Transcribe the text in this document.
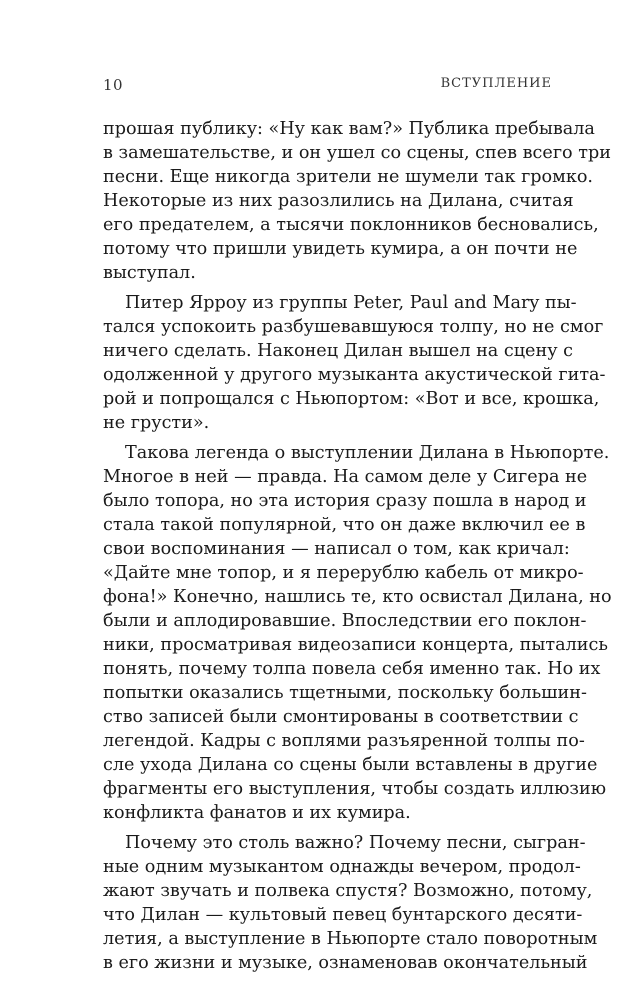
10	ВСТУПЛЕНИЕ
прошая публику: «Ну как вам?» Публика пребывала
в замешательстве, и он ушел со сцены, спев всего три
песни. Еще никогда зрители не шумели так громко.
Некоторые из них разозлились на Дилана, считая
его предателем, а тысячи поклонников бесновались,
потому что пришли увидеть кумира, а он почти не
выступал.
Питер Ярроу из группы Peter, Paul and Mary пы-
тался успокоить разбушевавшуюся толпу, но не смог
ничего сделать. Наконец Дилан вышел на сцену с
одолженной у другого музыканта акустической гита-
рой и попрощался с Ньюпортом: «Вот и все, крошка,
не грусти».
Такова легенда о выступлении Дилана в Ньюпорте.
Многое в ней — правда. На самом деле у Сигера не
было топора, но эта история сразу пошла в народ и
стала такой популярной, что он даже включил ее в
свои воспоминания — написал о том, как кричал:
«Дайте мне топор, и я перерублю кабель от микро-
фона!» Конечно, нашлись те, кто освистал Дилана, но
были и аплодировавшие. Впоследствии его поклон-
ники, просматривая видеозаписи концерта, пытались
понять, почему толпа повела себя именно так. Но их
попытки оказались тщетными, поскольку большин-
ство записей были смонтированы в соответствии с
легендой. Кадры с воплями разъяренной толпы по-
сле ухода Дилана со сцены были вставлены в другие
фрагменты его выступления, чтобы создать иллюзию
конфликта фанатов и их кумира.
Почему это столь важно? Почему песни, сыгран-
ные одним музыкантом однажды вечером, продол-
жают звучать и полвека спустя? Возможно, потому,
что Дилан — культовый певец бунтарского десяти-
летия, а выступление в Ньюпорте стало поворотным
в его жизни и музыке, ознаменовав окончательный
